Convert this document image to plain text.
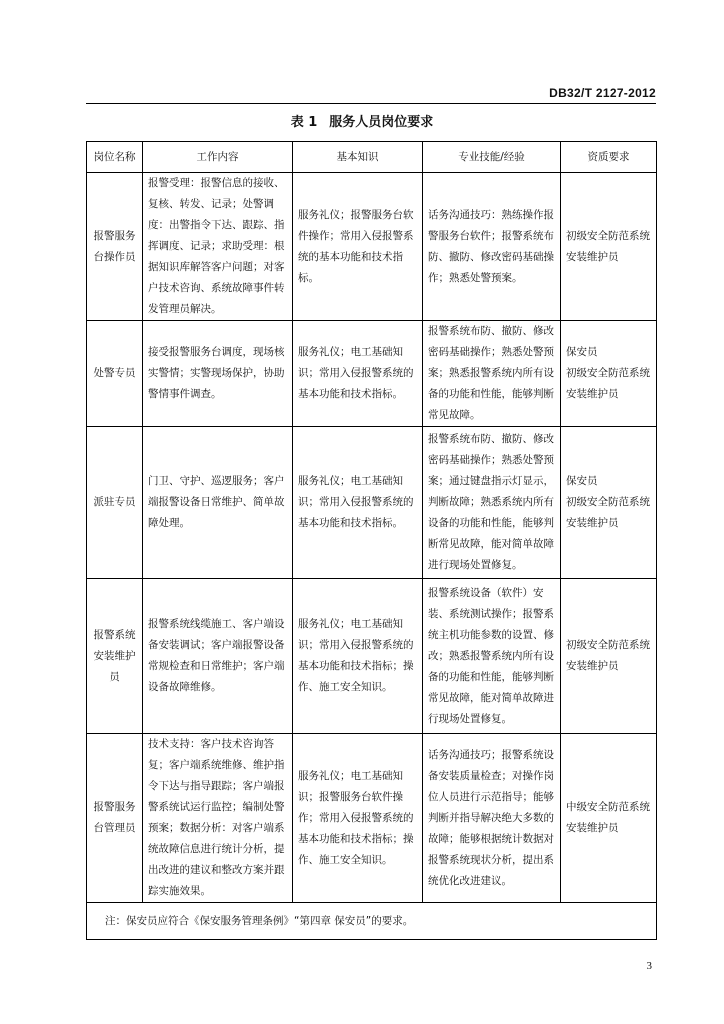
DB32/T 2127-2012
表 1 服务人员岗位要求
岗位名称	工作内容	基本知识	专业技能/经验	资质要求
报警服务台操作员	报警受理：报警信息的接收、复核、转发、记录；处警调度：出警指令下达、跟踪、指挥调度、记录；求助受理：根据知识库解答客户问题；对客户技术咨询、系统故障事件转发管理员解决。	服务礼仪；报警服务台软件操作；常用入侵报警系统的基本功能和技术指标。	话务沟通技巧：熟练操作报警服务台软件；报警系统布防、撤防、修改密码基础操作；熟悉处警预案。	初级安全防范系统安装维护员
处警专员	接受报警服务台调度，现场核实警情；实警现场保护，协助警情事件调查。	服务礼仪；电工基础知识；常用入侵报警系统的基本功能和技术指标。	报警系统布防、撤防、修改密码基础操作；熟悉处警预案；熟悉报警系统内所有设备的功能和性能，能够判断常见故障。	保安员
初级安全防范系统安装维护员
派驻专员	门卫、守护、巡逻服务；客户端报警设备日常维护、简单故障处理。	服务礼仪；电工基础知识；常用入侵报警系统的基本功能和技术指标。	报警系统布防、撤防、修改密码基础操作；熟悉处警预案；通过键盘指示灯显示，判断故障；熟悉系统内所有设备的功能和性能，能够判断常见故障，能对简单故障进行现场处置修复。	保安员
初级安全防范系统安装维护员
报警系统安装维护员	报警系统线缆施工、客户端设备安装调试；客户端报警设备常规检查和日常维护；客户端设备故障维修。	服务礼仪；电工基础知识；常用入侵报警系统的基本功能和技术指标；操作、施工安全知识。	报警系统设备（软件）安装、系统测试操作；报警系统主机功能参数的设置、修改；熟悉报警系统内所有设备的功能和性能，能够判断常见故障，能对简单故障进行现场处置修复。	初级安全防范系统安装维护员
报警服务台管理员	技术支持：客户技术咨询答复；客户端系统维修、维护指令下达与指导跟踪；客户端报警系统试运行监控；编制处警预案；数据分析：对客户端系统故障信息进行统计分析，提出改进的建议和整改方案并跟踪实施效果。	服务礼仪；电工基础知识；报警服务台软件操作；常用入侵报警系统的基本功能和技术指标；操作、施工安全知识。	话务沟通技巧；报警系统设备安装质量检查；对操作岗位人员进行示范指导；能够判断并指导解决绝大多数的故障；能够根据统计数据对报警系统现状分析，提出系统优化改进建议。	中级安全防范系统安装维护员
注：保安员应符合《保安服务管理条例》“第四章 保安员”的要求。				
3
